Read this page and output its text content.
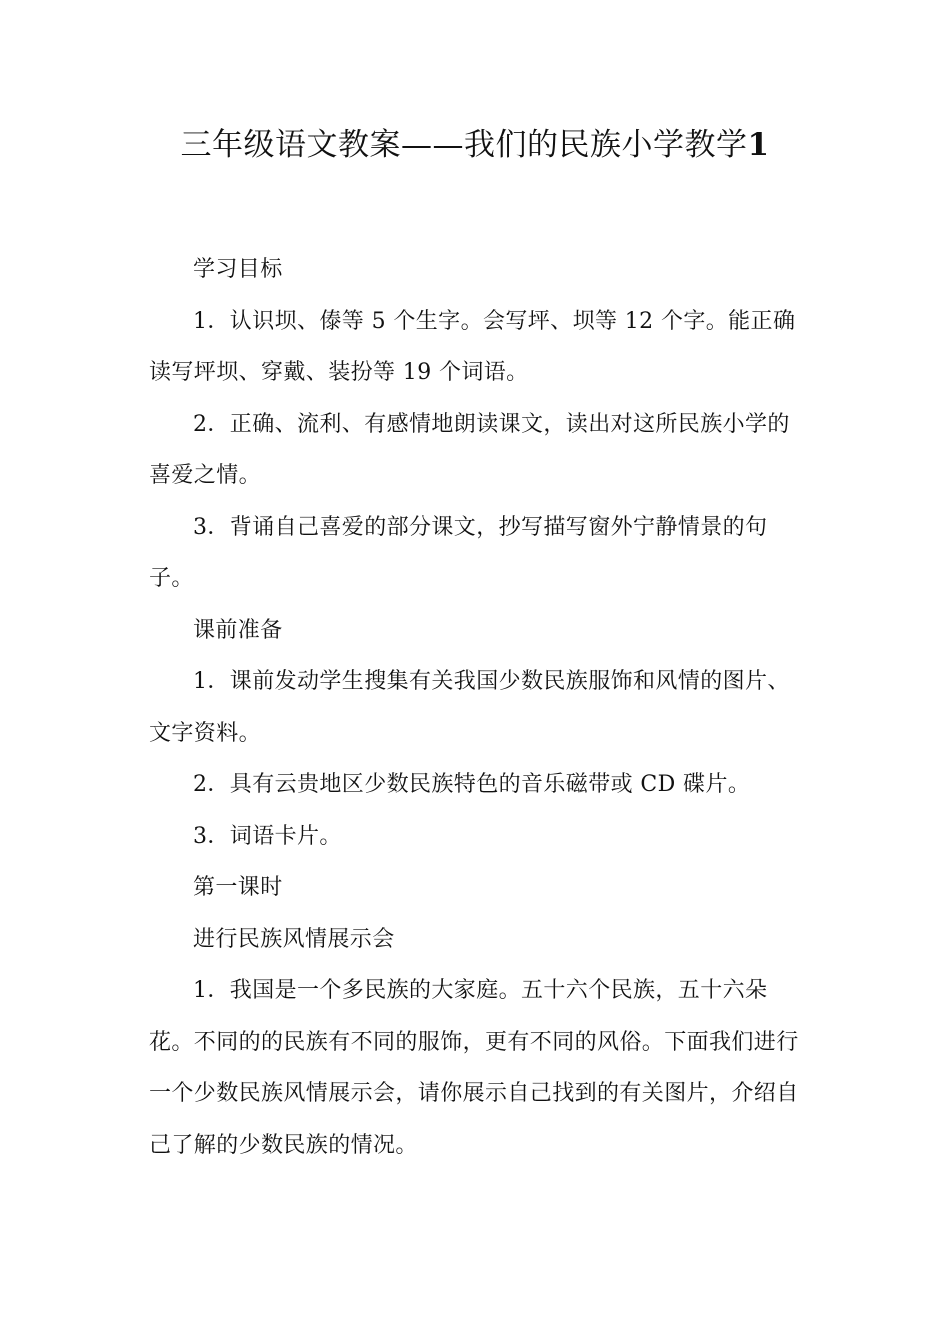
三年级语文教案——我们的民族小学教学1

学习目标

1．认识坝、傣等 5 个生字。会写坪、坝等 12 个字。能正确读写坪坝、穿戴、装扮等 19 个词语。

2．正确、流利、有感情地朗读课文，读出对这所民族小学的喜爱之情。

3．背诵自己喜爱的部分课文，抄写描写窗外宁静情景的句子。

课前准备

1．课前发动学生搜集有关我国少数民族服饰和风情的图片、文字资料。

2．具有云贵地区少数民族特色的音乐磁带或 CD 碟片。

3．词语卡片。

第一课时

进行民族风情展示会

1．我国是一个多民族的大家庭。五十六个民族，五十六朵花。不同的的民族有不同的服饰，更有不同的风俗。下面我们进行一个少数民族风情展示会，请你展示自己找到的有关图片，介绍自己了解的少数民族的情况。
